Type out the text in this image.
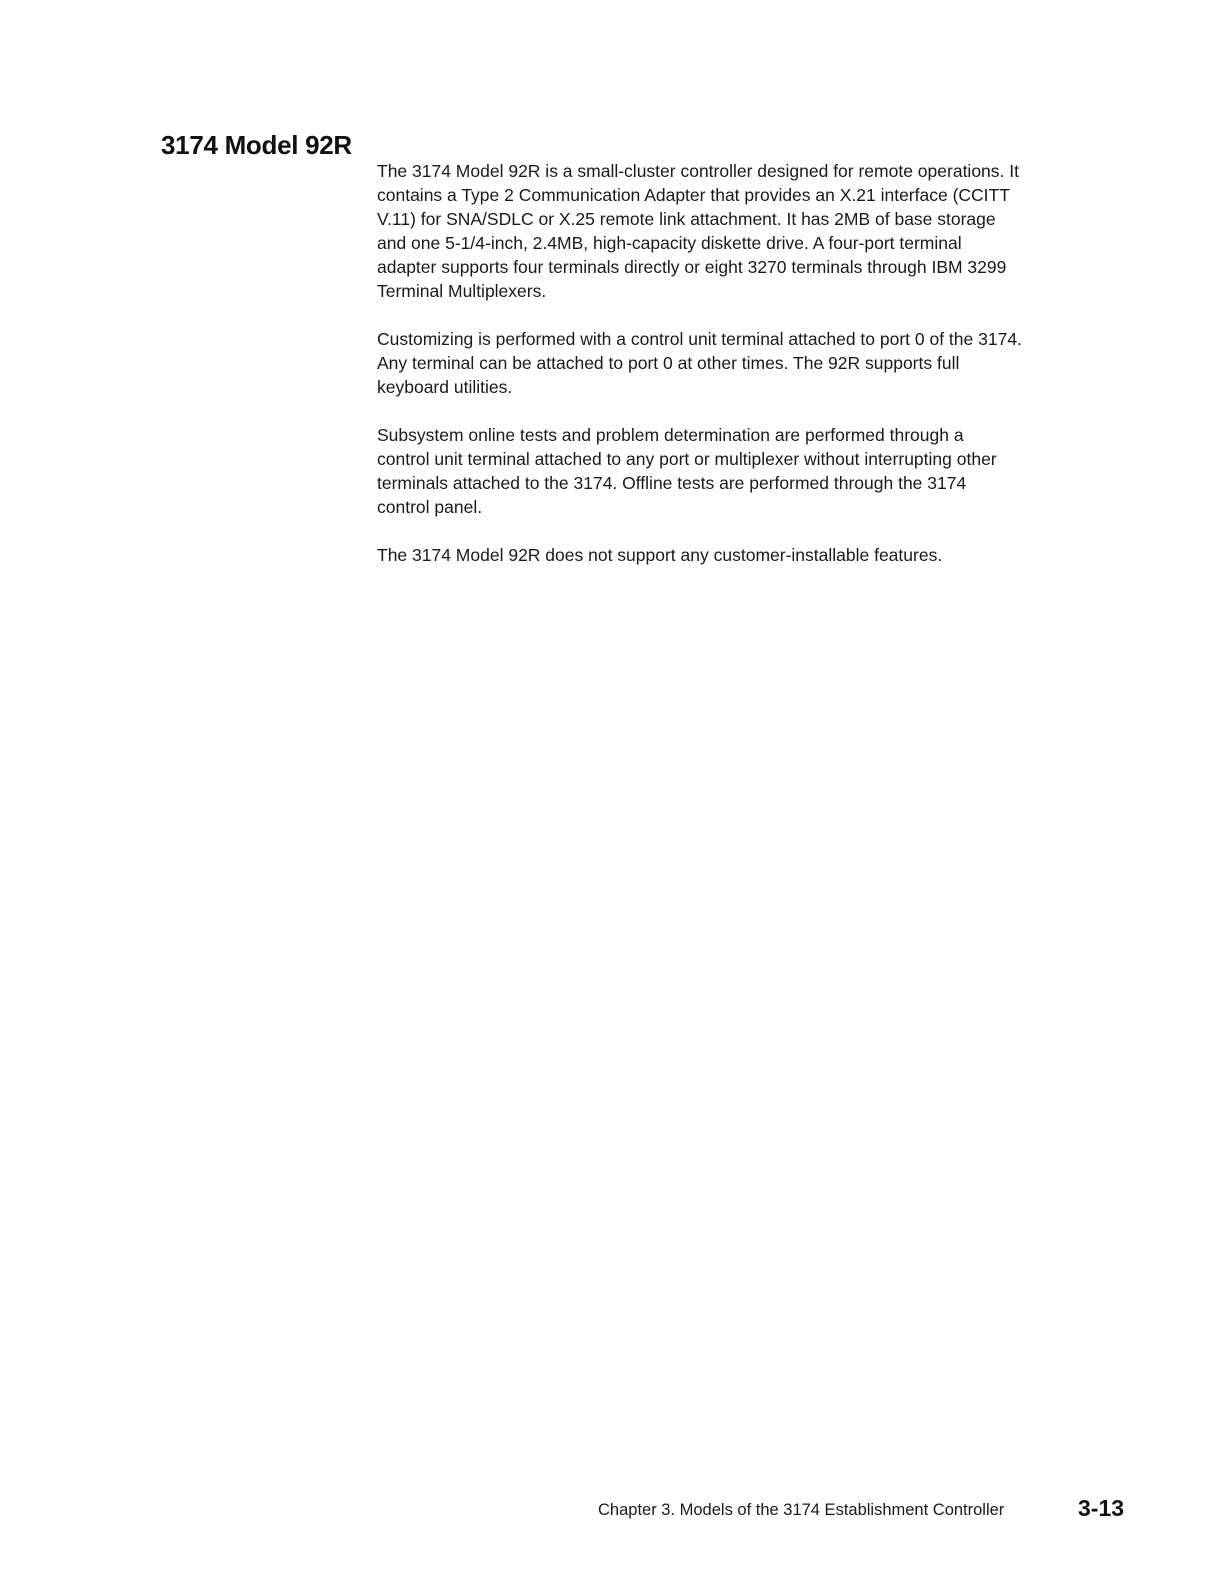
3174 Model 92R

The 3174 Model 92R is a small-cluster controller designed for remote operations. It
contains a Type 2 Communication Adapter that provides an X.21 interface (CCITT
V.11) for SNA/SDLC or X.25 remote link attachment. It has 2MB of base storage
and one 5-1/4-inch, 2.4MB, high-capacity diskette drive. A four-port terminal
adapter supports four terminals directly or eight 3270 terminals through IBM 3299
Terminal Multiplexers.

Customizing is performed with a control unit terminal attached to port 0 of the 3174.
Any terminal can be attached to port 0 at other times. The 92R supports full
keyboard utilities.

Subsystem online tests and problem determination are performed through a
control unit terminal attached to any port or multiplexer without interrupting other
terminals attached to the 3174. Offline tests are performed through the 3174
control panel.

The 3174 Model 92R does not support any customer-installable features.

Chapter 3. Models of the 3174 Establishment Controller	3-13
